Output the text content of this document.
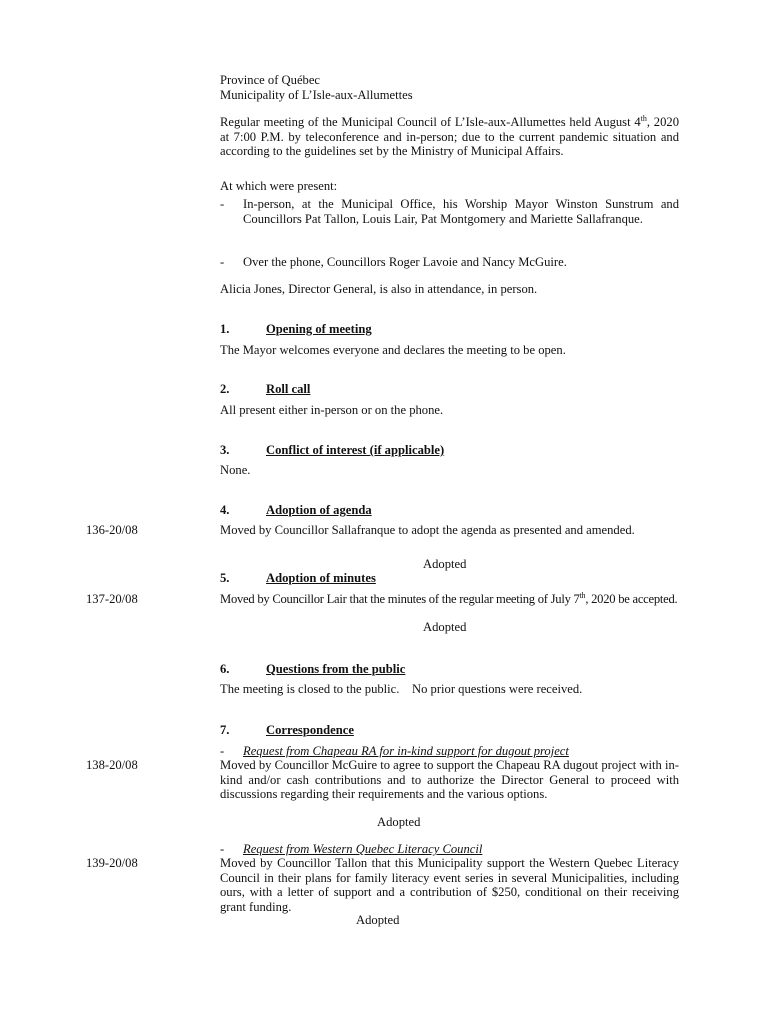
Province of Québec
Municipality of L’Isle-aux-Allumettes
Regular meeting of the Municipal Council of L’Isle-aux-Allumettes held August 4th, 2020 at 7:00 P.M. by teleconference and in-person; due to the current pandemic situation and according to the guidelines set by the Ministry of Municipal Affairs.
At which were present:
- In-person, at the Municipal Office, his Worship Mayor Winston Sunstrum and Councillors Pat Tallon, Louis Lair, Pat Montgomery and Mariette Sallafranque.
- Over the phone, Councillors Roger Lavoie and Nancy McGuire.
Alicia Jones, Director General, is also in attendance, in person.
1.	Opening of meeting
The Mayor welcomes everyone and declares the meeting to be open.
2.	Roll call
All present either in-person or on the phone.
3.	Conflict of interest (if applicable)
None.
4.	Adoption of agenda
136-20/08	Moved by Councillor Sallafranque to adopt the agenda as presented and amended.
Adopted
5.	Adoption of minutes
137-20/08	Moved by Councillor Lair that the minutes of the regular meeting of July 7th, 2020 be accepted.
Adopted
6.	Questions from the public
The meeting is closed to the public.    No prior questions were received.
7.	Correspondence
- Request from Chapeau RA for in-kind support for dugout project
138-20/08	Moved by Councillor McGuire to agree to support the Chapeau RA dugout project with in-kind and/or cash contributions and to authorize the Director General to proceed with discussions regarding their requirements and the various options.
Adopted
- Request from Western Quebec Literacy Council
139-20/08	Moved by Councillor Tallon that this Municipality support the Western Quebec Literacy Council in their plans for family literacy event series in several Municipalities, including ours, with a letter of support and a contribution of $250, conditional on their receiving grant funding.
Adopted
